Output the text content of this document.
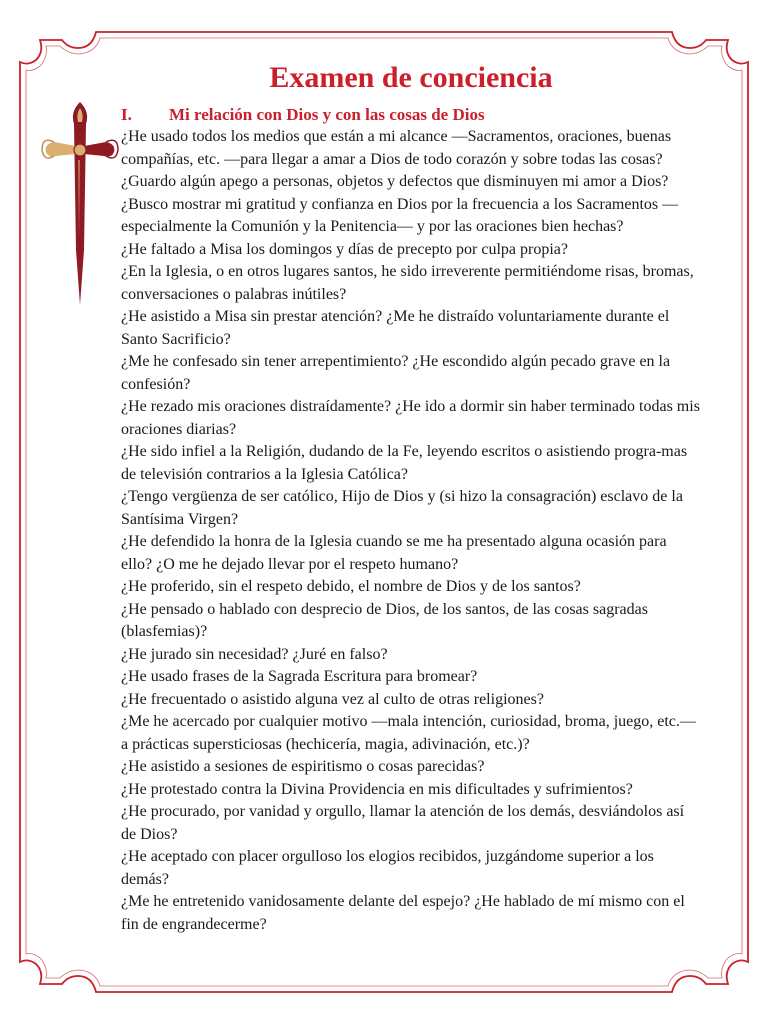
Examen de conciencia
I.	Mi relación con Dios y con las cosas de Dios
¿He usado todos los medios que están a mi alcance —Sacramentos, oraciones, buenas compañías, etc. —para llegar a amar a Dios de todo corazón y sobre todas las cosas?
¿Guardo algún apego a personas, objetos y defectos que disminuyen mi amor a Dios?
¿Busco mostrar mi gratitud y confianza en Dios por la frecuencia a los Sacramentos —especialmente la Comunión y la Penitencia— y por las oraciones bien hechas?
¿He faltado a Misa los domingos y días de precepto por culpa propia?
¿En la Iglesia, o en otros lugares santos, he sido irreverente permitiéndome risas, bromas, conversaciones o palabras inútiles?
¿He asistido a Misa sin prestar atención? ¿Me he distraído voluntariamente durante el Santo Sacrificio?
¿Me he confesado sin tener arrepentimiento? ¿He escondido algún pecado grave en la confesión?
¿He rezado mis oraciones distraídamente? ¿He ido a dormir sin haber terminado todas mis oraciones diarias?
¿He sido infiel a la Religión, dudando de la Fe, leyendo escritos o asistiendo progra-mas de televisión contrarios a la Iglesia Católica?
¿Tengo vergüenza de ser católico, Hijo de Dios y (si hizo la consagración) esclavo de la Santísima Virgen?
¿He defendido la honra de la Iglesia cuando se me ha presentado alguna ocasión para ello? ¿O me he dejado llevar por el respeto humano?
¿He proferido, sin el respeto debido, el nombre de Dios y de los santos?
¿He pensado o hablado con desprecio de Dios, de los santos, de las cosas sagradas (blasfemias)?
¿He jurado sin necesidad? ¿Juré en falso?
¿He usado frases de la Sagrada Escritura para bromear?
¿He frecuentado o asistido alguna vez al culto de otras religiones?
¿Me he acercado por cualquier motivo —mala intención, curiosidad, broma, juego, etc.— a prácticas supersticiosas (hechicería, magia, adivinación, etc.)?
¿He asistido a sesiones de espiritismo o cosas parecidas?
¿He protestado contra la Divina Providencia en mis dificultades y sufrimientos?
¿He procurado, por vanidad y orgullo, llamar la atención de los demás, desviándolos así de Dios?
¿He aceptado con placer orgulloso los elogios recibidos, juzgándome superior a los demás?
¿Me he entretenido vanidosamente delante del espejo? ¿He hablado de mí mismo con el fin de engrandecerme?
